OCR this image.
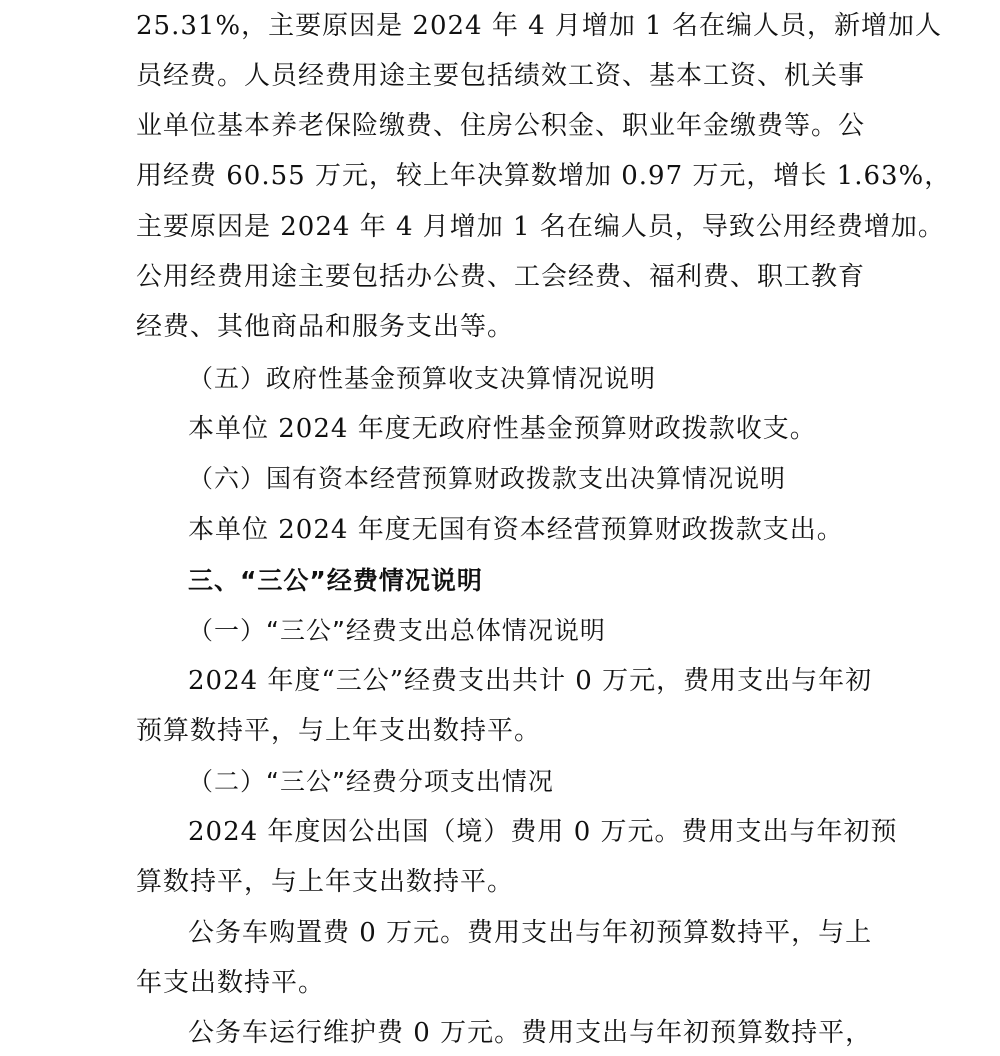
25.31%，主要原因是 2024 年 4 月增加 1 名在编人员，新增加人
员经费。人员经费用途主要包括绩效工资、基本工资、机关事
业单位基本养老保险缴费、住房公积金、职业年金缴费等。公
用经费 60.55 万元，较上年决算数增加 0.97 万元，增长 1.63%，
主要原因是 2024 年 4 月增加 1 名在编人员，导致公用经费增加。
公用经费用途主要包括办公费、工会经费、福利费、职工教育
经费、其他商品和服务支出等。
（五）政府性基金预算收支决算情况说明
本单位 2024 年度无政府性基金预算财政拨款收支。
（六）国有资本经营预算财政拨款支出决算情况说明
本单位 2024 年度无国有资本经营预算财政拨款支出。
三、“三公”经费情况说明
（一）“三公”经费支出总体情况说明
2024 年度“三公”经费支出共计 0 万元，费用支出与年初
预算数持平，与上年支出数持平。
（二）“三公”经费分项支出情况
2024 年度因公出国（境）费用 0 万元。费用支出与年初预
算数持平，与上年支出数持平。
公务车购置费 0 万元。费用支出与年初预算数持平，与上
年支出数持平。
公务车运行维护费 0 万元。费用支出与年初预算数持平，
